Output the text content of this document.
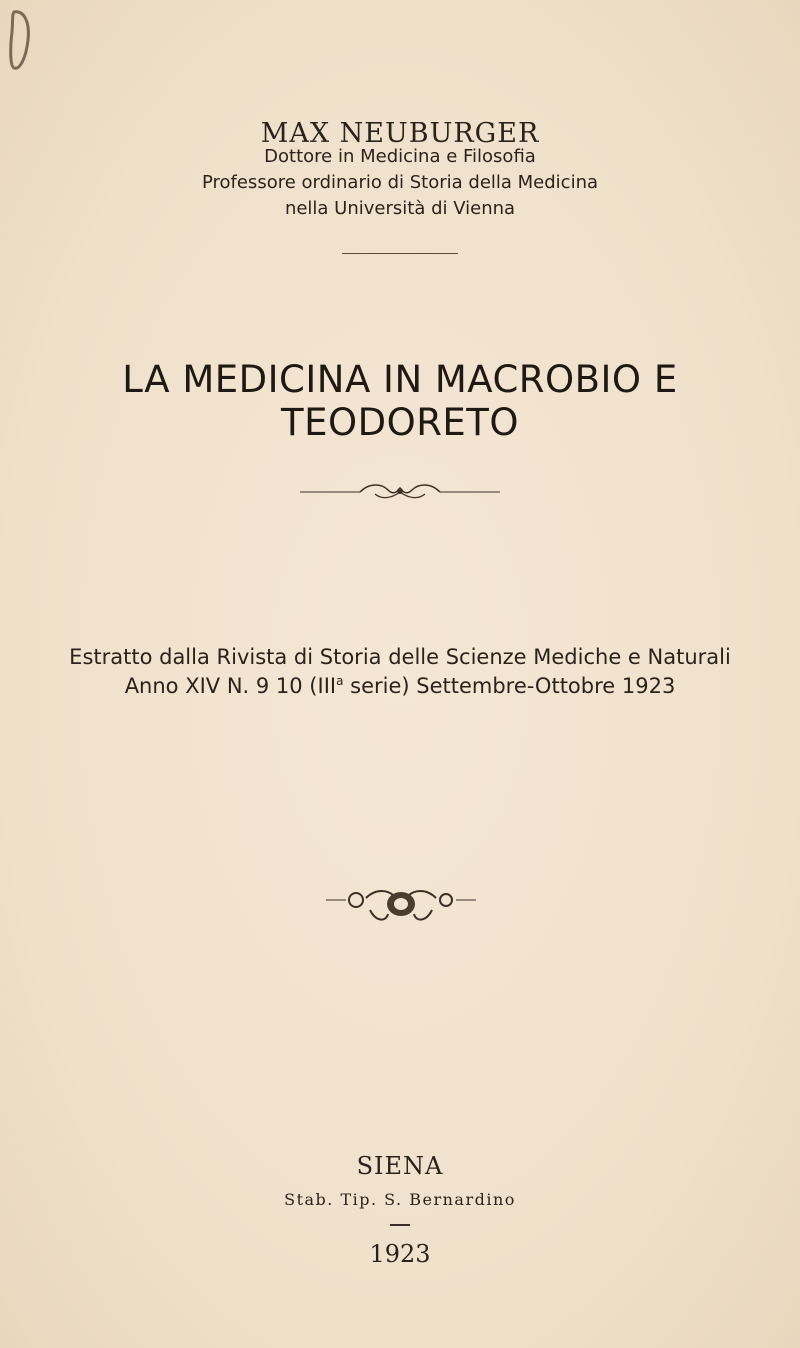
MAX NEUBURGER
Dottore in Medicina e Filosofia
Professore ordinario di Storia della Medicina
nella Università di Vienna
LA MEDICINA IN MACROBIO E TEODORETO
Estratto dalla Rivista di Storia delle Scienze Mediche e Naturali
Anno XIV N. 9 10 (III$^a$ serie) Settembre-Ottobre 1923
SIENA
Stab. Tip. S. Bernardino
1923
